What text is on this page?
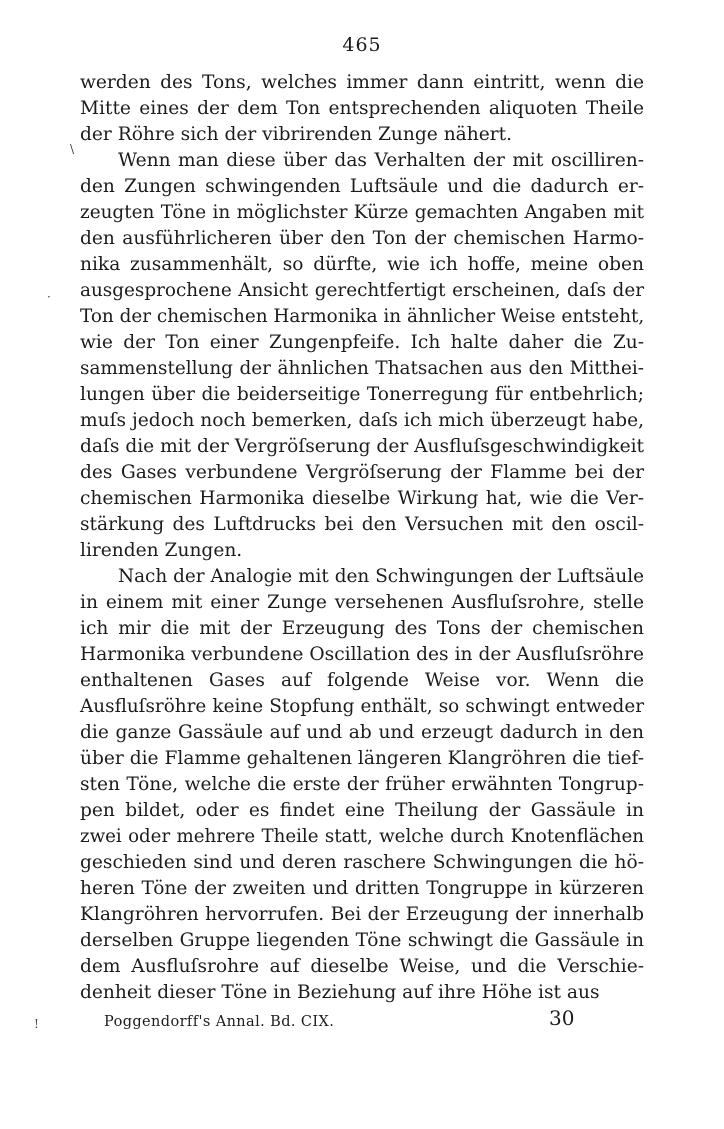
465
werden des Tons, welches immer dann eintritt, wenn die
Mitte eines der dem Ton entsprechenden aliquoten Theile
der Röhre sich der vibrirenden Zunge nähert.
Wenn man diese über das Verhalten der mit oscilliren-
den Zungen schwingenden Luftsäule und die dadurch er-
zeugten Töne in möglichster Kürze gemachten Angaben mit
den ausführlicheren über den Ton der chemischen Harmo-
nika zusammenhält, so dürfte, wie ich hoffe, meine oben
ausgesprochene Ansicht gerechtfertigt erscheinen, daſs der
Ton der chemischen Harmonika in ähnlicher Weise entsteht,
wie der Ton einer Zungenpfeife. Ich halte daher die Zu-
sammenstellung der ähnlichen Thatsachen aus den Mitthei-
lungen über die beiderseitige Tonerregung für entbehrlich;
muſs jedoch noch bemerken, daſs ich mich überzeugt habe,
daſs die mit der Vergröſserung der Ausfluſsgeschwindigkeit
des Gases verbundene Vergröſserung der Flamme bei der
chemischen Harmonika dieselbe Wirkung hat, wie die Ver-
stärkung des Luftdrucks bei den Versuchen mit den oscil-
lirenden Zungen.
Nach der Analogie mit den Schwingungen der Luftsäule
in einem mit einer Zunge versehenen Ausfluſsrohre, stelle
ich mir die mit der Erzeugung des Tons der chemischen
Harmonika verbundene Oscillation des in der Ausfluſsröhre
enthaltenen Gases auf folgende Weise vor. Wenn die
Ausfluſsröhre keine Stopfung enthält, so schwingt entweder
die ganze Gassäule auf und ab und erzeugt dadurch in den
über die Flamme gehaltenen längeren Klangröhren die tief-
sten Töne, welche die erste der früher erwähnten Tongrup-
pen bildet, oder es findet eine Theilung der Gassäule in
zwei oder mehrere Theile statt, welche durch Knotenflächen
geschieden sind und deren raschere Schwingungen die hö-
heren Töne der zweiten und dritten Tongruppe in kürzeren
Klangröhren hervorrufen. Bei der Erzeugung der innerhalb
derselben Gruppe liegenden Töne schwingt die Gassäule in
dem Ausfluſsrohre auf dieselbe Weise, und die Verschie-
denheit dieser Töne in Beziehung auf ihre Höhe ist aus
\
·
!	Poggendorff's Annal. Bd. CIX.	30
